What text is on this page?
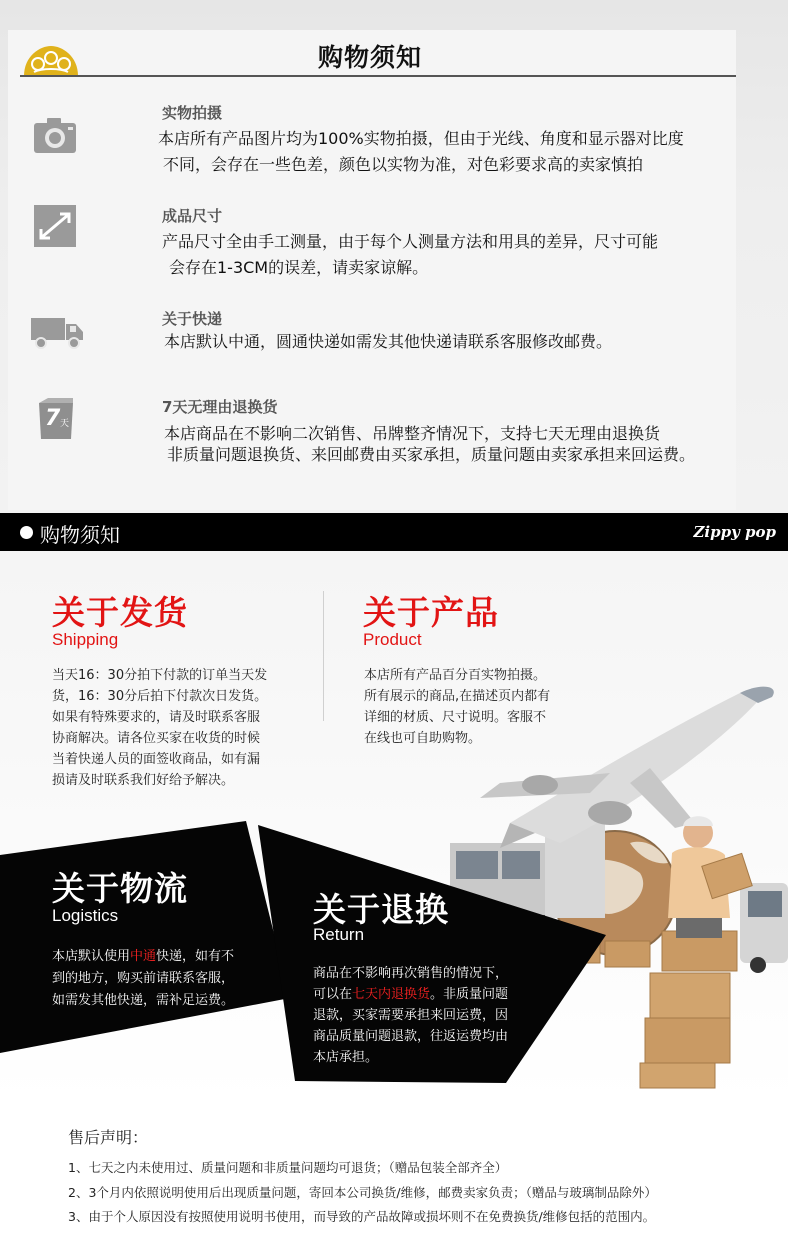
购物须知
实物拍摄
本店所有产品图片均为100%实物拍摄，但由于光线、角度和显示器对比度
不同，会存在一些色差，颜色以实物为准，对色彩要求高的卖家慎拍
成品尺寸
产品尺寸全由手工测量，由于每个人测量方法和用具的差异，尺寸可能
会存在1-3CM的误差，请卖家谅解。
关于快递
本店默认中通，圆通快递如需发其他快递请联系客服修改邮费。
7 天
7天无理由退换货
本店商品在不影响二次销售、吊牌整齐情况下，支持七天无理由退换货
非质量问题退换货、来回邮费由买家承担，质量问题由卖家承担来回运费。
购物须知	Zippy pop
关于发货
Shipping
当天16：30分拍下付款的订单当天发
货，16：30分后拍下付款次日发货。
如果有特殊要求的，请及时联系客服
协商解决。请各位买家在收货的时候
当着快递人员的面签收商品，如有漏
损请及时联系我们好给予解决。
关于产品
Product
本店所有产品百分百实物拍摄。
所有展示的商品,在描述页内都有
详细的材质、尺寸说明。客服不
在线也可自助购物。
关于物流
Logistics
本店默认使用中通快递，如有不
到的地方，购买前请联系客服，
如需发其他快递，需补足运费。
关于退换
Return
商品在不影响再次销售的情况下，
可以在七天内退换货。非质量问题
退款，买家需要承担来回运费，因
商品质量问题退款，往返运费均由
本店承担。
售后声明：
1、七天之内未使用过、质量问题和非质量问题均可退货；（赠品包装全部齐全）
2、3个月内依照说明使用后出现质量问题，寄回本公司换货/维修，邮费卖家负责；（赠品与玻璃制品除外）
3、由于个人原因没有按照使用说明书使用，而导致的产品故障或损坏则不在免费换货/维修包括的范围内。
